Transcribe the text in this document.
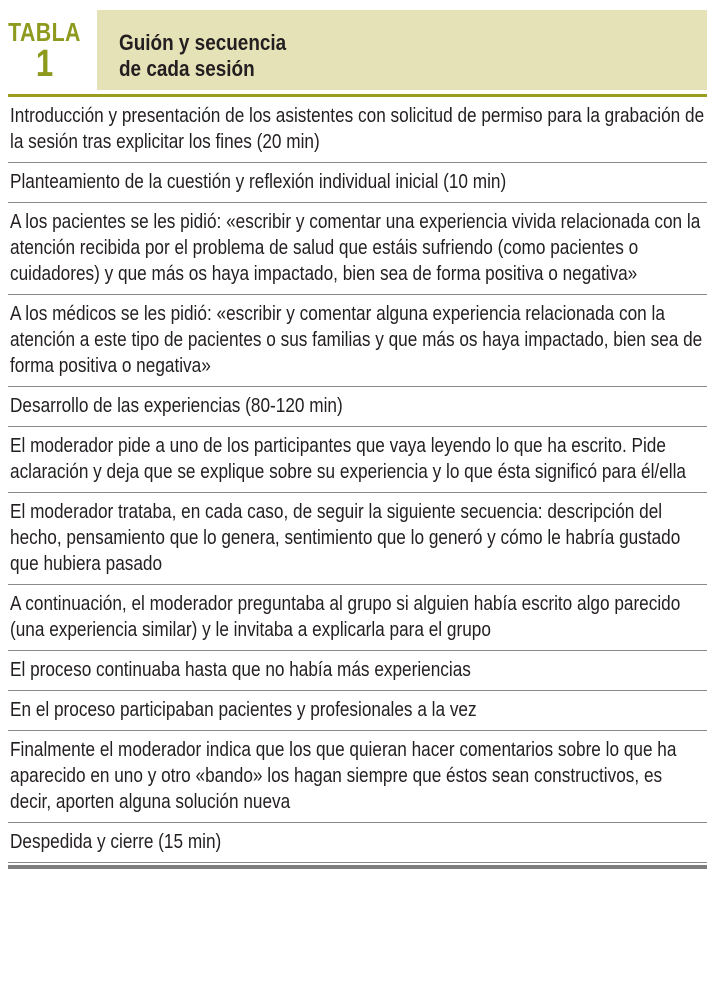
TABLA
1
Guión y secuencia
de cada sesión
Introducción y presentación de los asistentes con solicitud de permiso para la grabación de la sesión tras explicitar los fines (20 min)
Planteamiento de la cuestión y reflexión individual inicial (10 min)
A los pacientes se les pidió: «escribir y comentar una experiencia vivida relacionada con la atención recibida por el problema de salud que estáis sufriendo (como pacientes o cuidadores) y que más os haya impactado, bien sea de forma positiva o negativa»
A los médicos se les pidió: «escribir y comentar alguna experiencia relacionada con la atención a este tipo de pacientes o sus familias y que más os haya impactado, bien sea de forma positiva o negativa»
Desarrollo de las experiencias (80-120 min)
El moderador pide a uno de los participantes que vaya leyendo lo que ha escrito. Pide aclaración y deja que se explique sobre su experiencia y lo que ésta significó para él/ella
El moderador trataba, en cada caso, de seguir la siguiente secuencia: descripción del hecho, pensamiento que lo genera, sentimiento que lo generó y cómo le habría gustado que hubiera pasado
A continuación, el moderador preguntaba al grupo si alguien había escrito algo parecido (una experiencia similar) y le invitaba a explicarla para el grupo
El proceso continuaba hasta que no había más experiencias
En el proceso participaban pacientes y profesionales a la vez
Finalmente el moderador indica que los que quieran hacer comentarios sobre lo que ha aparecido en uno y otro «bando» los hagan siempre que éstos sean constructivos, es decir, aporten alguna solución nueva
Despedida y cierre (15 min)
